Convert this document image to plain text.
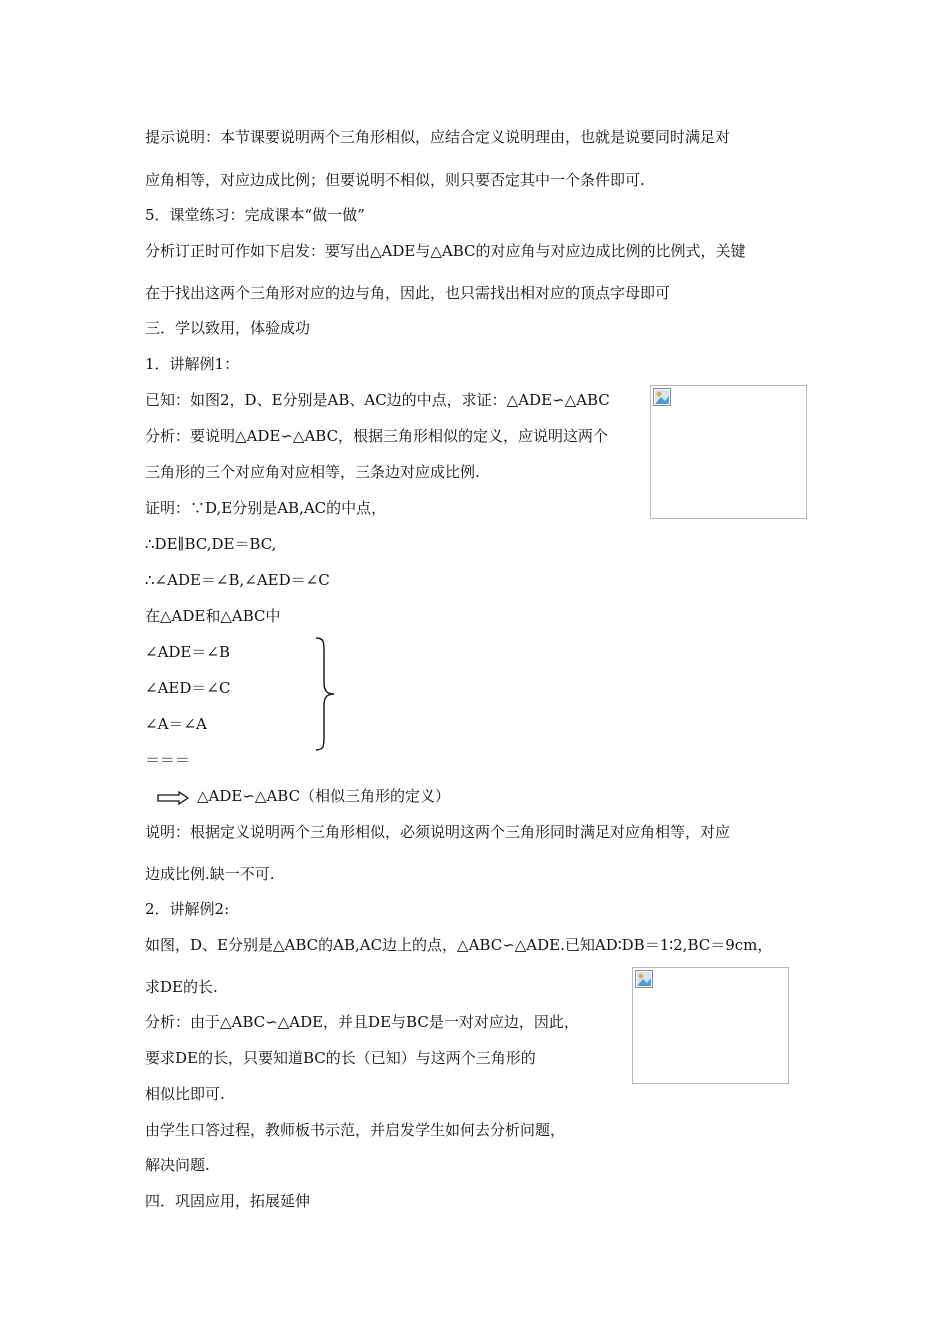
提示说明：本节课要说明两个三角形相似，应结合定义说明理由，也就是说要同时满足对
应角相等，对应边成比例；但要说明不相似，则只要否定其中一个条件即可.
5．课堂练习：完成课本“做一做”
分析订正时可作如下启发：要写出△ADE与△ABC的对应角与对应边成比例的比例式，关键
在于找出这两个三角形对应的边与角，因此，也只需找出相对应的顶点字母即可
三．学以致用，体验成功
1．讲解例1：
已知：如图2，D、E分别是AB、AC边的中点，求证：△ADE∽△ABC
分析：要说明△ADE∽△ABC，根据三角形相似的定义，应说明这两个
三角形的三个对应角对应相等，三条边对应成比例.
证明：∵D,E分别是AB,AC的中点，
∴DE∥BC,DE＝BC,
∴∠ADE＝∠B,∠AED＝∠C
在△ADE和△ABC中
∠ADE＝∠B
∠AED＝∠C
∠A＝∠A
＝＝＝
△ADE∽△ABC（相似三角形的定义）
说明：根据定义说明两个三角形相似，必须说明这两个三角形同时满足对应角相等，对应
边成比例.缺一不可.
2．讲解例2:
如图，D、E分别是△ABC的AB,AC边上的点，△ABC∽△ADE.已知AD∶DB＝1∶2,BC＝9cm，
求DE的长.
分析：由于△ABC∽△ADE，并且DE与BC是一对对应边，因此，
要求DE的长，只要知道BC的长（已知）与这两个三角形的
相似比即可.
由学生口答过程，教师板书示范，并启发学生如何去分析问题，
解决问题.
四．巩固应用，拓展延伸
